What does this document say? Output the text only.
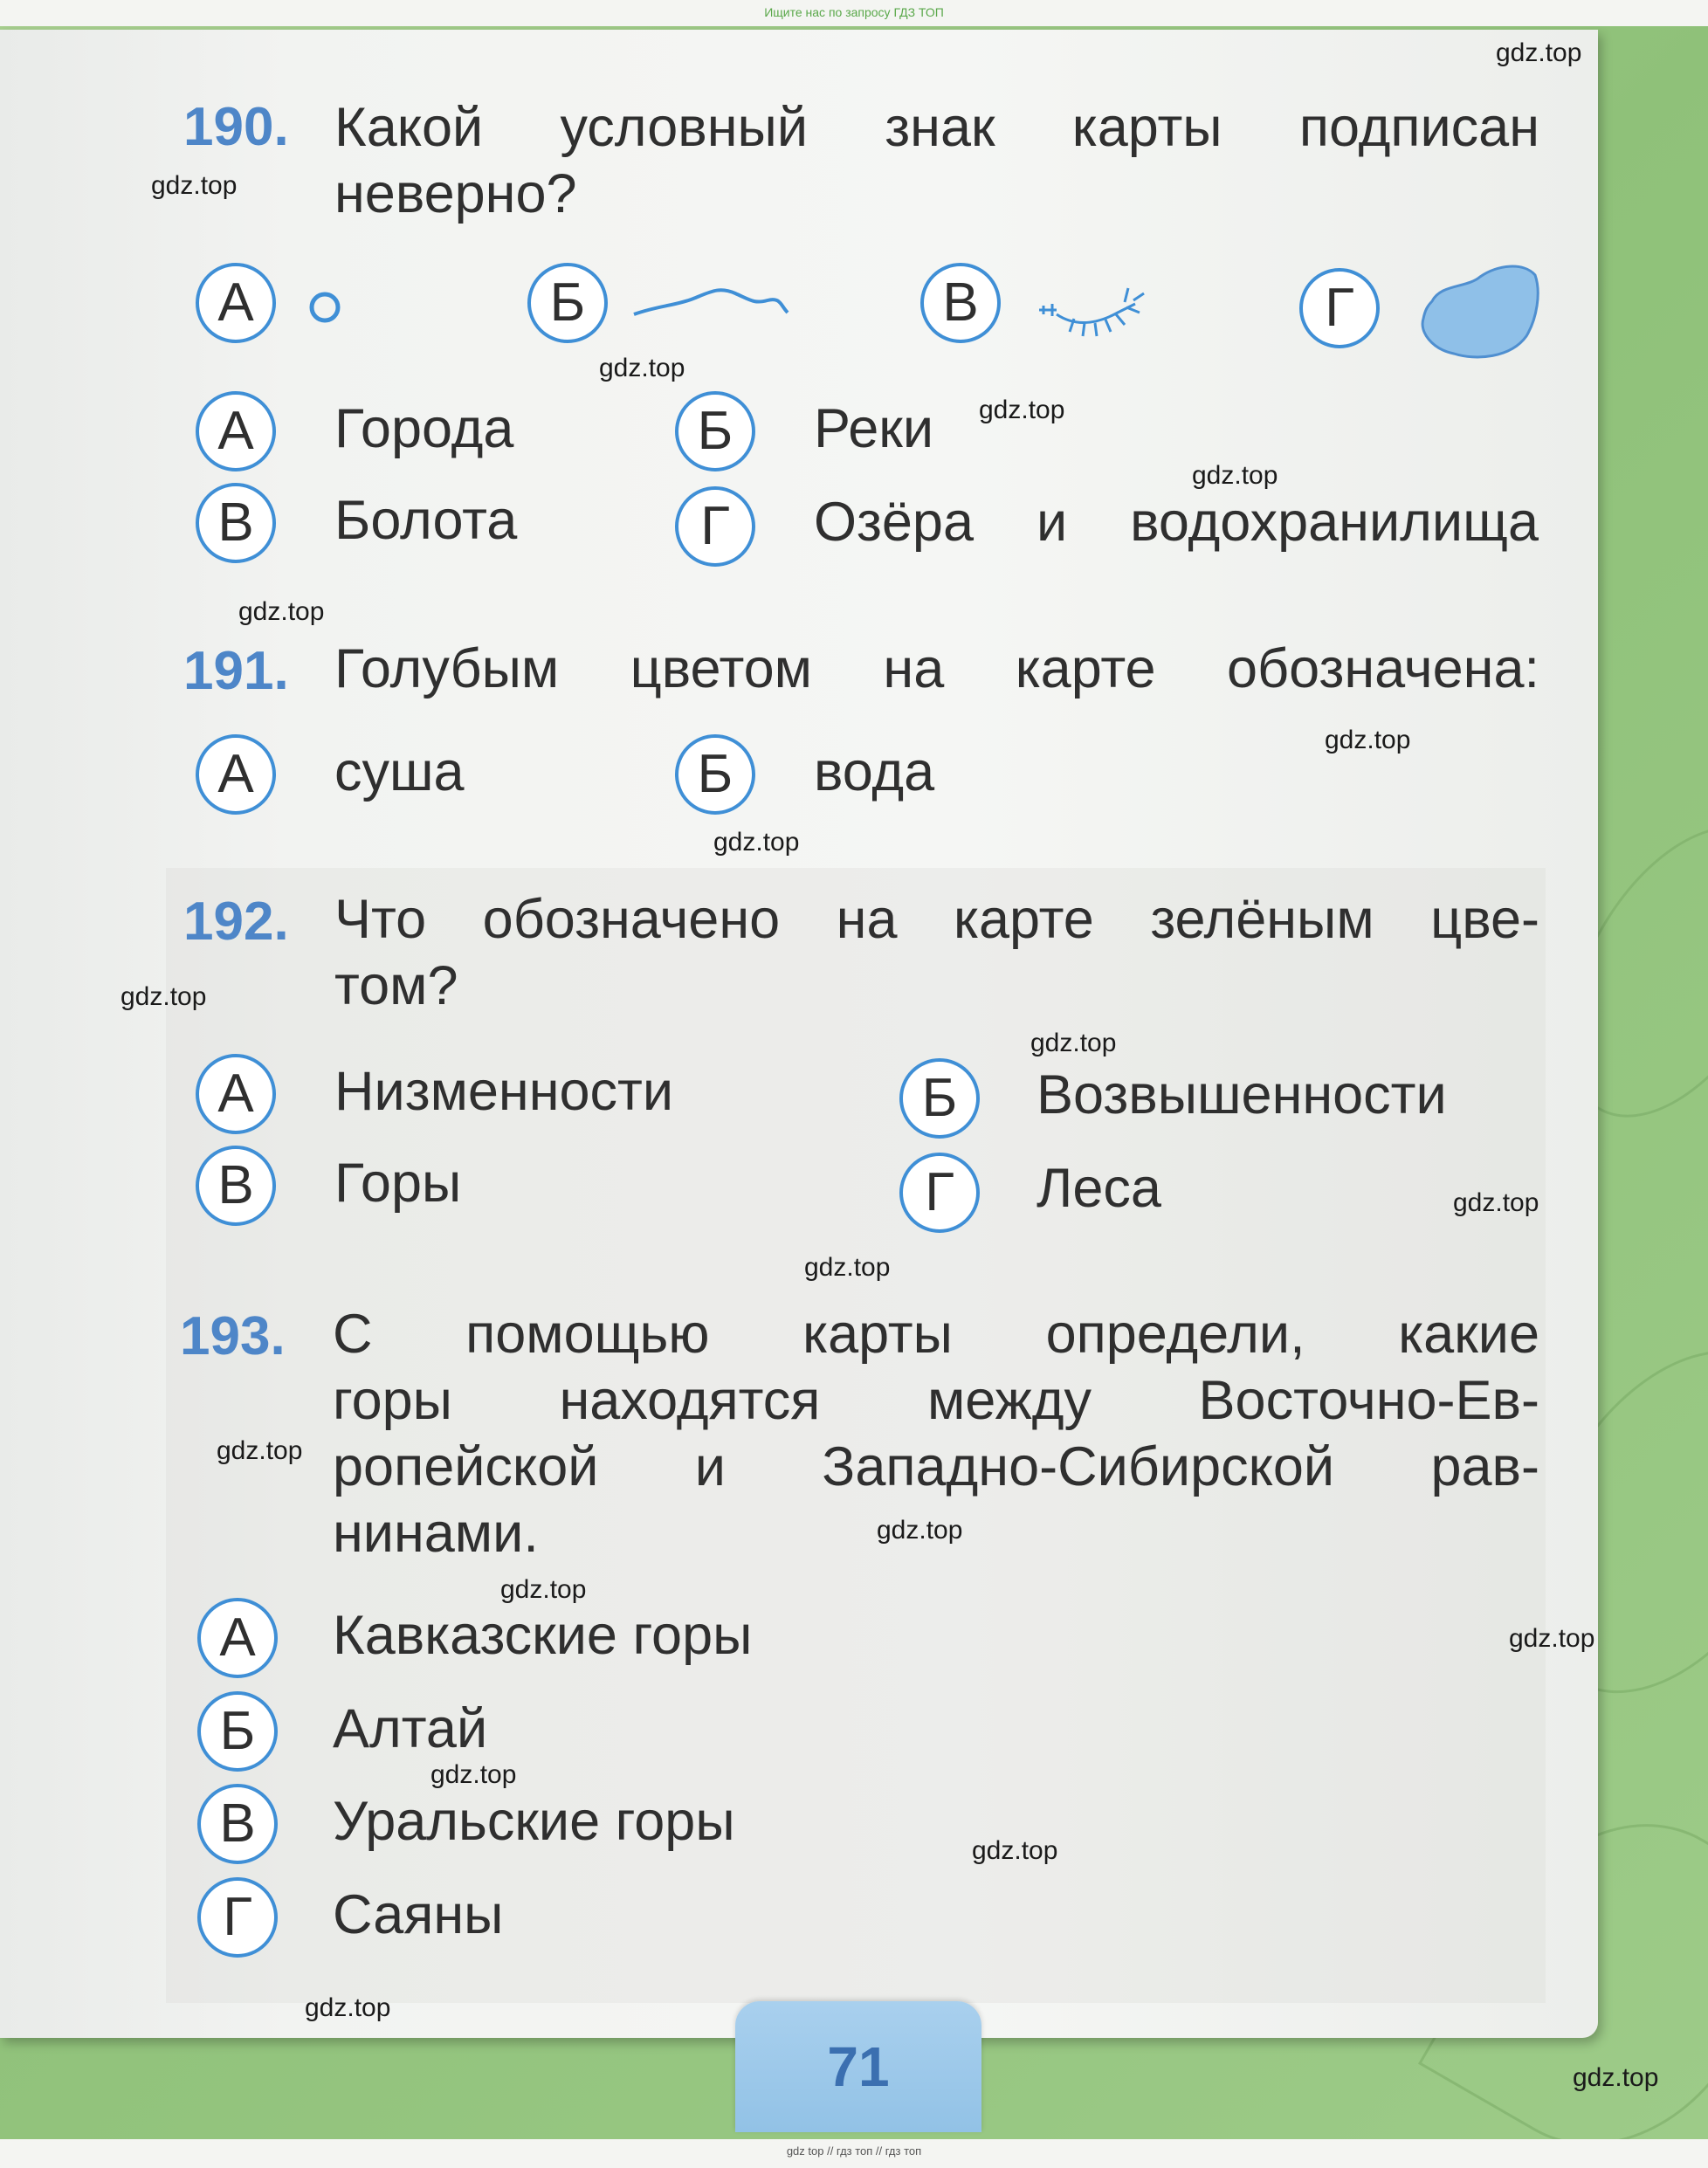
Ищите нас по запросу ГДЗ ТОП
71
190. Какой условный знак карты подписан
неверно?
А	Б	В	Г
А	Города	Б	Реки
В	Болота	Г	Озёра и водохранилища
191. Голубым цветом на карте обозначена:
А	суша	Б	вода
192. Что обозначено на карте зелёным цве-
том?
А	Низменности	Б	Возвышенности
В	Горы	Г	Леса
193. С помощью карты определи, какие
горы находятся между Восточно-Ев-
ропейской и Западно-Сибирской рав-
нинами.
А	Кавказские горы
Б	Алтай
В	Уральские горы
Г	Саяны
gdz.top
gdz.top
gdz.top
gdz.top
gdz.top
gdz.top
gdz.top
gdz.top
gdz.top
gdz.top
gdz.top
gdz.top
gdz.top
gdz.top
gdz.top
gdz.top
gdz.top
gdz.top
gdz.top
gdz.top
gdz top // гдз топ // гдз топ
